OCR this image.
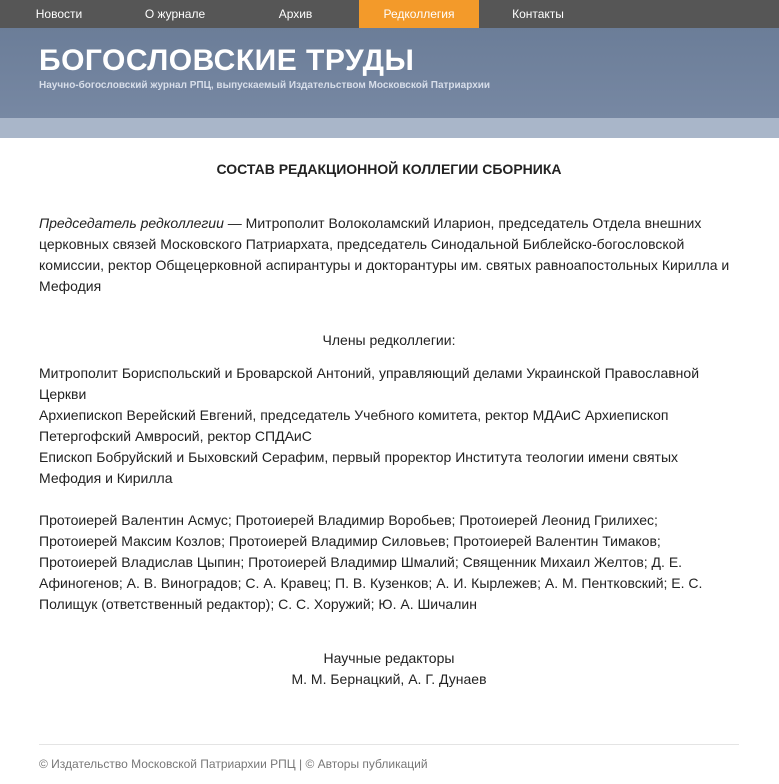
Новости	О журнале	Архив	Редколлегия	Контакты
БОГОСЛОВСКИЕ ТРУДЫ
Научно-богословский журнал РПЦ, выпускаемый Издательством Московской Патриархии
СОСТАВ РЕДАКЦИОННОЙ КОЛЛЕГИИ СБОРНИКА

Председатель редколлегии — Митрополит Волоколамский Иларион, председатель Отдела внешних церковных связей Московского Патриархата, председатель Синодальной Библейско-богословской комиссии, ректор Общецерковной аспирантуры и докторантуры им. святых равноапостольных Кирилла и Мефодия

Члены редколлегии:
Митрополит Бориспольский и Броварской Антоний, управляющий делами Украинской Православной Церкви
Архиепископ Верейский Евгений, председатель Учебного комитета, ректор МДАиС Архиепископ Петергофский Амвросий, ректор СПДАиС
Епископ Бобруйский и Быховский Серафим, первый проректор Института теологии имени святых Мефодия и Кирилла

Протоиерей Валентин Асмус; Протоиерей Владимир Воробьев; Протоиерей Леонид Грилихес; Протоиерей Максим Козлов; Протоиерей Владимир Силовьев; Протоиерей Валентин Тимаков; Протоиерей Владислав Цыпин; Протоиерей Владимир Шмалий; Священник Михаил Желтов; Д. Е. Афиногенов; А. В. Виноградов; С. А. Кравец; П. В. Кузенков; А. И. Кырлежев; А. М. Пентковский; Е. С. Полищук (ответственный редактор); С. С. Хоружий; Ю. А. Шичалин

Научные редакторы
М. М. Бернацкий, А. Г. Дунаев
© Издательство Московской Патриархии РПЦ | © Авторы публикаций
